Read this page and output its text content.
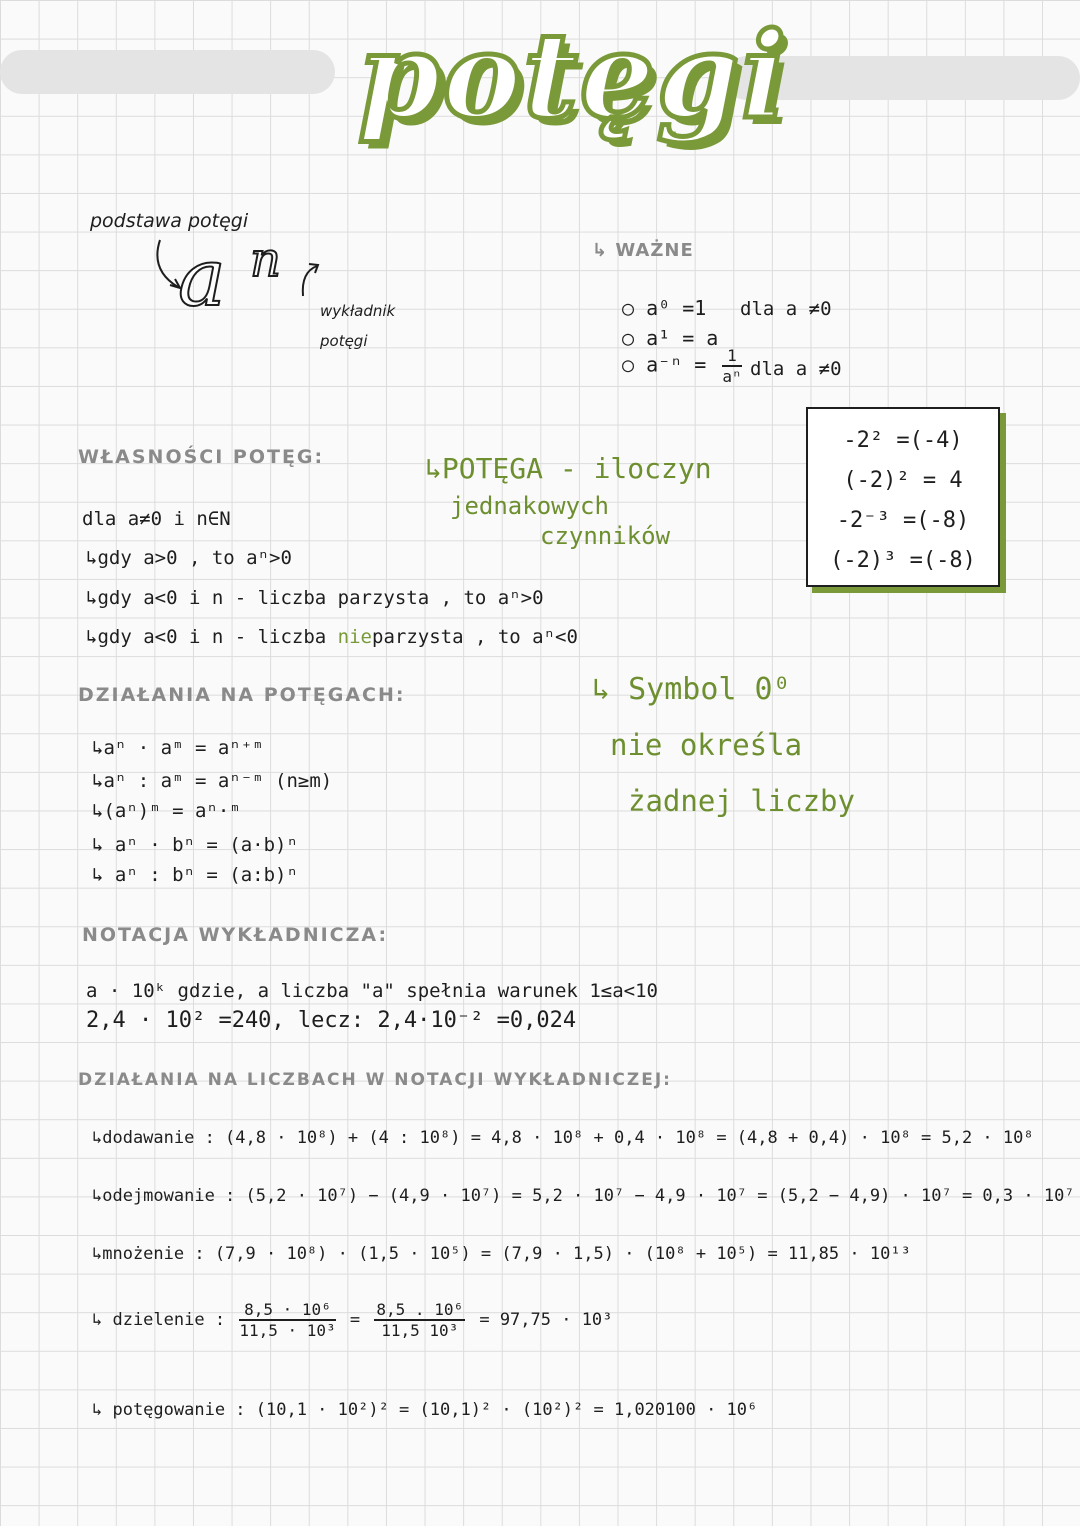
potęgi
podstawa potęgi
a n
wykładnik
potęgi
↳ WAŻNE
○ a⁰ =1 dla a ≠0
○ a¹ = a
○ $a^{-n} = \frac{1}{\text{aⁿ}}$ dla a ≠0
-2² =(-4)
(-2)² = 4
-2⁻³ =(-8)
(-2)³ =(-8)
WŁASNOŚCI POTĘG:	↳POTĘGA - iloczyn
jednakowych
czynników
dla a≠0 i n∈N
↳gdy a>0 , to aⁿ>0
↳gdy a<0 i n - liczba parzysta , to aⁿ>0
↳gdy a<0 i n - liczba nieparzysta , to aⁿ<0
DZIAŁANIA NA POTĘGACH:
↳aⁿ · aᵐ = aⁿ⁺ᵐ
↳aⁿ : aᵐ = aⁿ⁻ᵐ (n≥m)
↳(aⁿ)ᵐ = aⁿ·ᵐ
↳ aⁿ · bⁿ = (a·b)ⁿ
↳ aⁿ : bⁿ = (a:b)ⁿ
↳ Symbol 0⁰
nie określa
żadnej liczby
NOTACJA WYKŁADNICZA:
a · 10ᵏ gdzie, a liczba "a" spełnia warunek 1≤a<10
2,4 · 10² =240, lecz: 2,4·10⁻² =0,024
DZIAŁANIA NA LICZBACH W NOTACJI WYKŁADNICZEJ:
↳dodawanie : (4,8 · 10⁸) + (4 : 10⁸) = 4,8 · 10⁸ + 0,4 · 10⁸ = (4,8 + 0,4) · 10⁸ = 5,2 · 10⁸
↳odejmowanie : (5,2 · 10⁷) − (4,9 · 10⁷) = 5,2 · 10⁷ − 4,9 · 10⁷ = (5,2 − 4,9) · 10⁷ = 0,3 · 10⁷
↳mnożenie : (7,9 · 10⁸) · (1,5 · 10⁵) = (7,9 · 1,5) · (10⁸ + 10⁵) = 11,85 · 10¹³
↳ dzielenie : $\frac{\text{8,5 · 10⁶}}{\text{11,5 · 10³}} = \frac{\text{8,5 . 10⁶}}{\text{11,5 10³}} = 97,75 \cdot 10^3$
↳ potęgowanie : (10,1 · 10²)² = (10,1)² · (10²)² = 1,020100 · 10⁶
